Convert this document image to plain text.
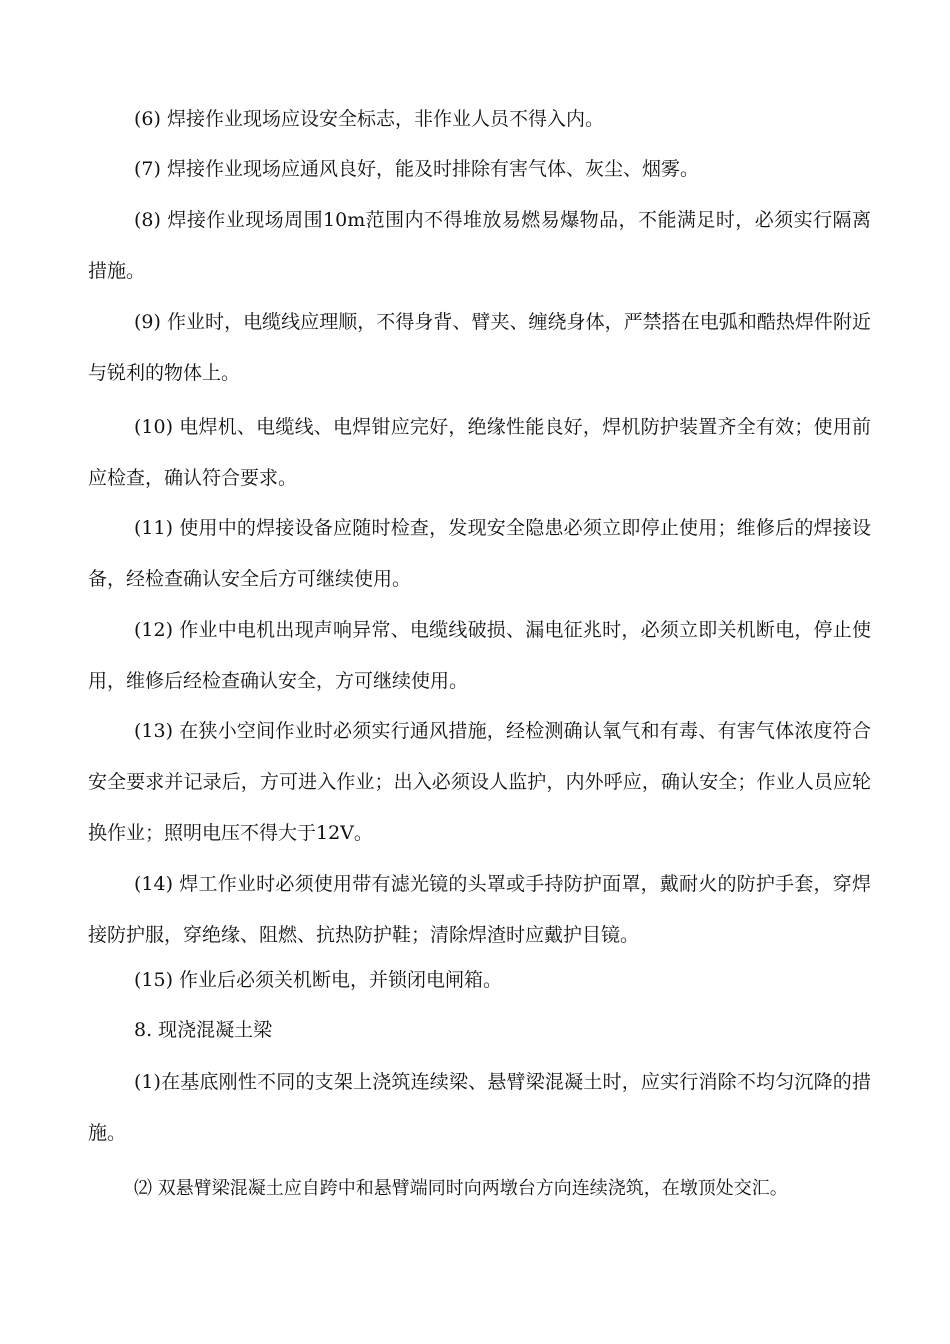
(6) 焊接作业现场应设安全标志，非作业人员不得入内。

(7) 焊接作业现场应通风良好，能及时排除有害气体、灰尘、烟雾。

(8) 焊接作业现场周围10m范围内不得堆放易燃易爆物品，不能满足时，必须实行隔离措施。

(9) 作业时，电缆线应理顺，不得身背、臂夹、缠绕身体，严禁搭在电弧和酷热焊件附近与锐利的物体上。

(10) 电焊机、电缆线、电焊钳应完好，绝缘性能良好，焊机防护装置齐全有效；使用前应检查，确认符合要求。

(11) 使用中的焊接设备应随时检查，发现安全隐患必须立即停止使用；维修后的焊接设备，经检查确认安全后方可继续使用。

(12) 作业中电机出现声响异常、电缆线破损、漏电征兆时，必须立即关机断电，停止使用，维修后经检查确认安全，方可继续使用。

(13) 在狭小空间作业时必须实行通风措施，经检测确认氧气和有毒、有害气体浓度符合安全要求并记录后，方可进入作业；出入必须设人监护，内外呼应，确认安全；作业人员应轮换作业；照明电压不得大于12V。

(14) 焊工作业时必须使用带有滤光镜的头罩或手持防护面罩，戴耐火的防护手套，穿焊接防护服，穿绝缘、阻燃、抗热防护鞋；清除焊渣时应戴护目镜。

(15) 作业后必须关机断电，并锁闭电闸箱。

8. 现浇混凝土梁

(1)在基底刚性不同的支架上浇筑连续梁、悬臂梁混凝土时，应实行消除不均匀沉降的措施。

⑵ 双悬臂梁混凝土应自跨中和悬臂端同时向两墩台方向连续浇筑，在墩顶处交汇。
